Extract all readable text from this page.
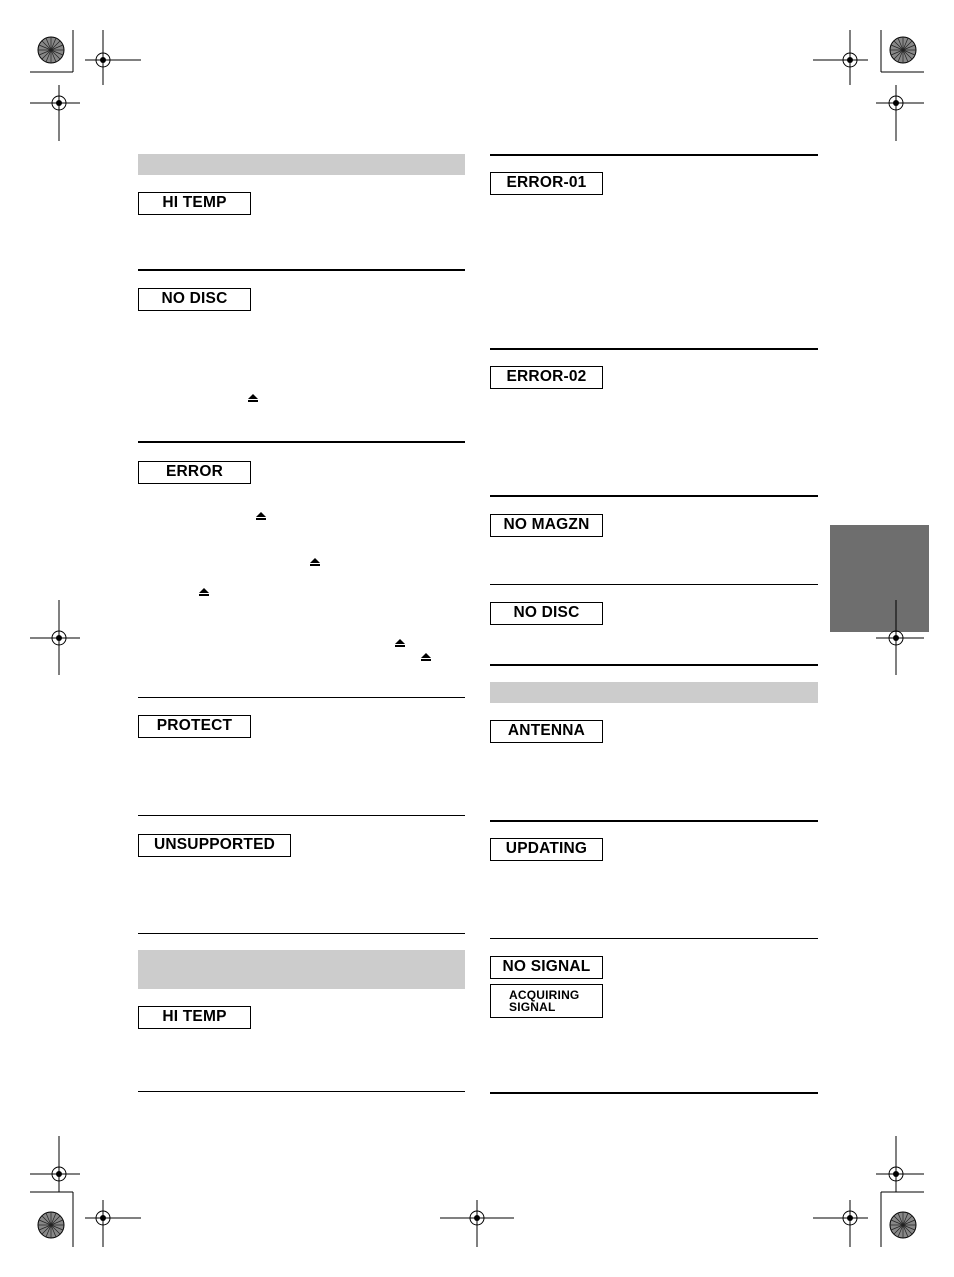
HI TEMP
NO DISC
ERROR
PROTECT
UNSUPPORTED
HI TEMP
ERROR-01
ERROR-02
NO MAGZN
NO DISC
ANTENNA
UPDATING
NO SIGNAL
ACQUIRING SIGNAL
